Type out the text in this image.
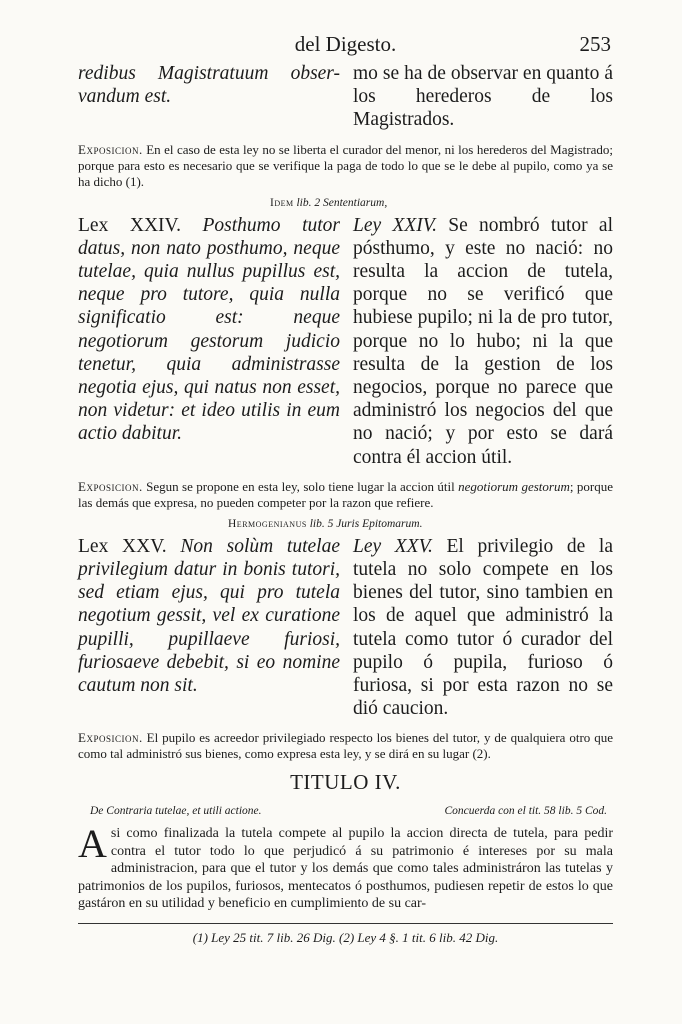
del Digesto.	253
redibus Magistratuum obser-vandum est.
mo se ha de observar en quanto á los herederos de los Magistrados.

Exposicion. En el caso de esta ley no se liberta el curador del menor, ni los herederos del Magistrado; porque para esto es necesario que se verifique la paga de todo lo que se le debe al pupilo, como ya se ha dicho (1).

Idem lib. 2 Sententiarum,
Lex XXIV. Posthumo tutor datus, non nato posthumo, neque tutelae, quia nullus pupillus est, neque pro tutore, quia nulla significatio est: neque negotiorum gestorum judicio tenetur, quia administrasse negotia ejus, qui natus non esset, non videtur: et ideo utilis in eum actio dabitur.
Ley XXIV. Se nombró tutor al pósthumo, y este no nació: no resulta la accion de tutela, porque no se verificó que hubiese pupilo; ni la de pro tutor, porque no lo hubo; ni la que resulta de la gestion de los negocios, porque no parece que administró los negocios del que no nació; y por esto se dará contra él accion útil.

Exposicion. Segun se propone en esta ley, solo tiene lugar la accion útil negotiorum gestorum; porque las demás que expresa, no pueden competer por la razon que refiere.

Hermogenianus lib. 5 Juris Epitomarum.
Lex XXV. Non solùm tutelae privilegium datur in bonis tutori, sed etiam ejus, qui pro tutela negotium gessit, vel ex curatione pupilli, pupillaeve furiosi, furiosaeve debebit, si eo nomine cautum non sit.
Ley XXV. El privilegio de la tutela no solo compete en los bienes del tutor, sino tambien en los de aquel que administró la tutela como tutor ó curador del pupilo ó pupila, furioso ó furiosa, si por esta razon no se dió caucion.

Exposicion. El pupilo es acreedor privilegiado respecto los bienes del tutor, y de qualquiera otro que como tal administró sus bienes, como expresa esta ley, y se dirá en su lugar (2).

TITULO IV.
De Contraria tutelae, et utili actione.	Concuerda con el tit. 58 lib. 5 Cod.
A si como finalizada la tutela compete al pupilo la accion directa de tutela, para pedir contra el tutor todo lo que perjudicó á su patrimonio é intereses por su mala administracion, para que el tutor y los demás que como tales administráron las tutelas y patrimonios de los pupilos, furiosos, mentecatos ó posthumos, pudiesen repetir de estos lo que gastáron en su utilidad y beneficio en cumplimiento de su car-
(1) Ley 25 tit. 7 lib. 26 Dig. (2) Ley 4 §. 1 tit. 6 lib. 42 Dig.
